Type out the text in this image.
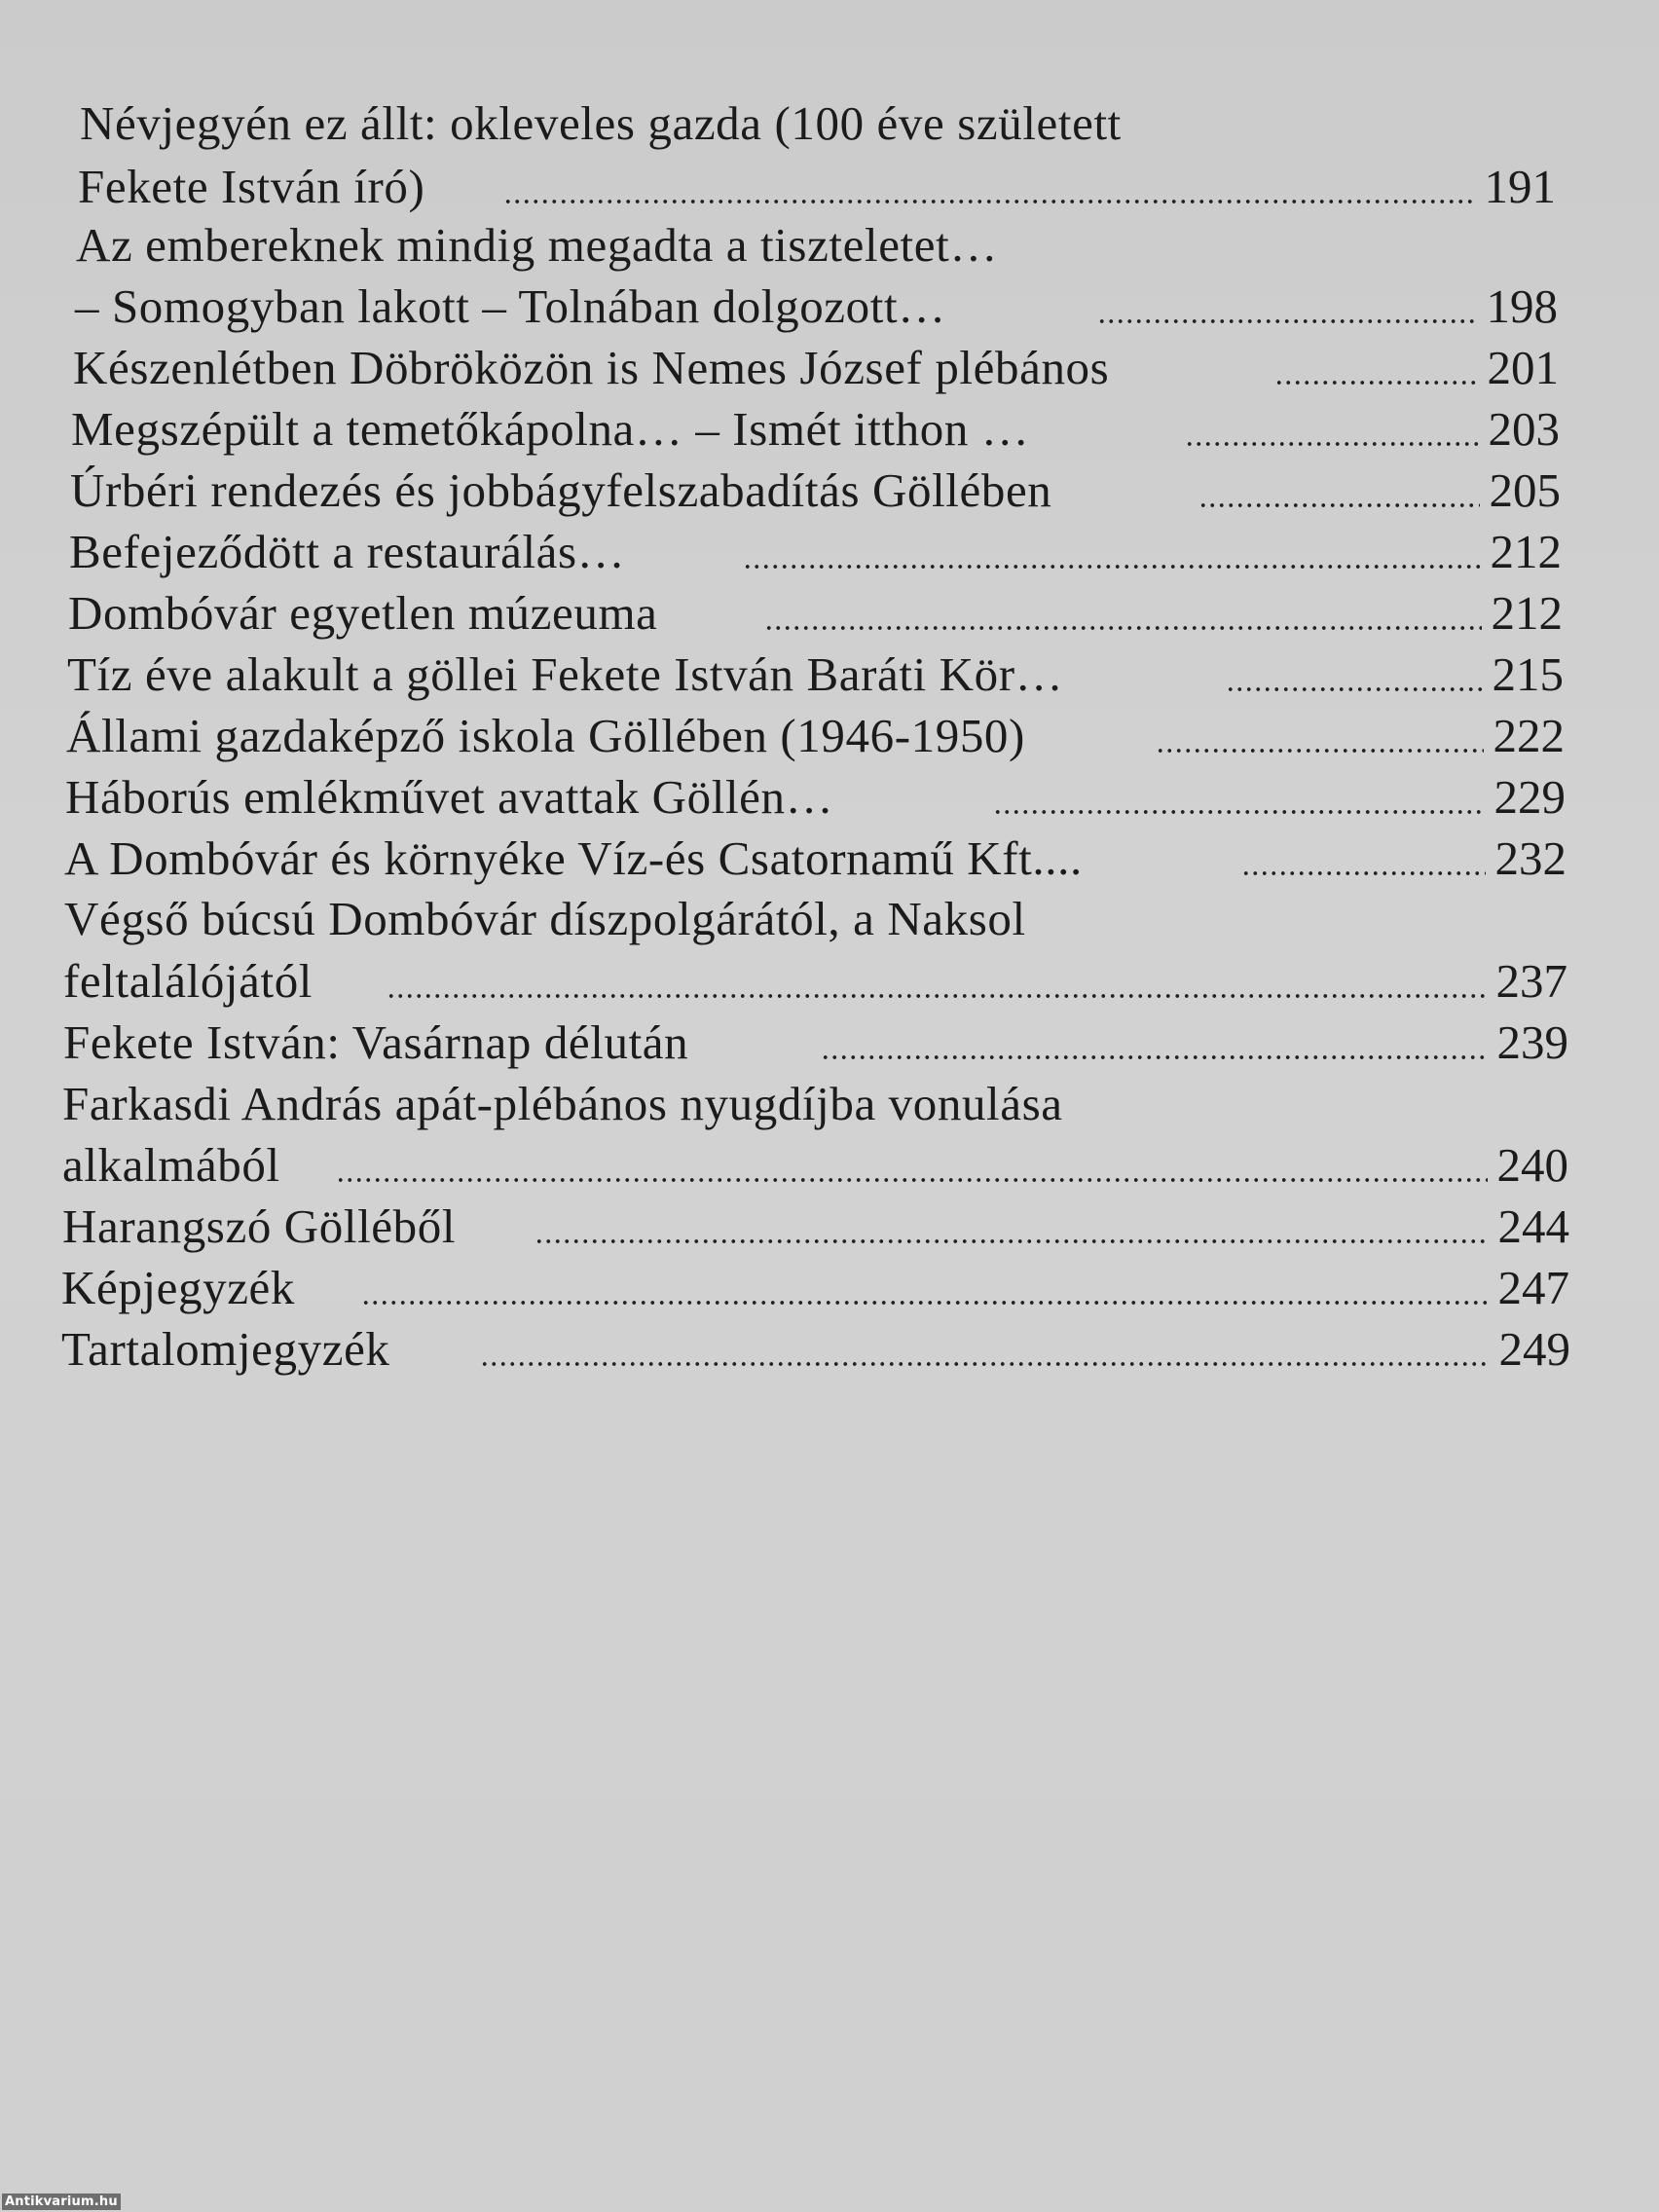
Névjegyén ez állt: okleveles gazda (100 éve született
Fekete István író)	191
Az embereknek mindig megadta a tiszteletet…
– Somogyban lakott – Tolnában dolgozott…	198
Készenlétben Döbröközön is Nemes József plébános	201
Megszépült a temetőkápolna… – Ismét itthon …	203
Úrbéri rendezés és jobbágyfelszabadítás Göllében	205
Befejeződött a restaurálás…	212
Dombóvár egyetlen múzeuma	212
Tíz éve alakult a göllei Fekete István Baráti Kör…	215
Állami gazdaképző iskola Göllében (1946-1950)	222
Háborús emlékművet avattak Göllén…	229
A Dombóvár és környéke Víz-és Csatornamű Kft....	232
Végső búcsú Dombóvár díszpolgárától, a Naksol
feltalálójától	237
Fekete István: Vasárnap délután	239
Farkasdi András apát-plébános nyugdíjba vonulása
alkalmából	240
Harangszó Gölléből	244
Képjegyzék	247
Tartalomjegyzék	249
Antikvarium.hu
